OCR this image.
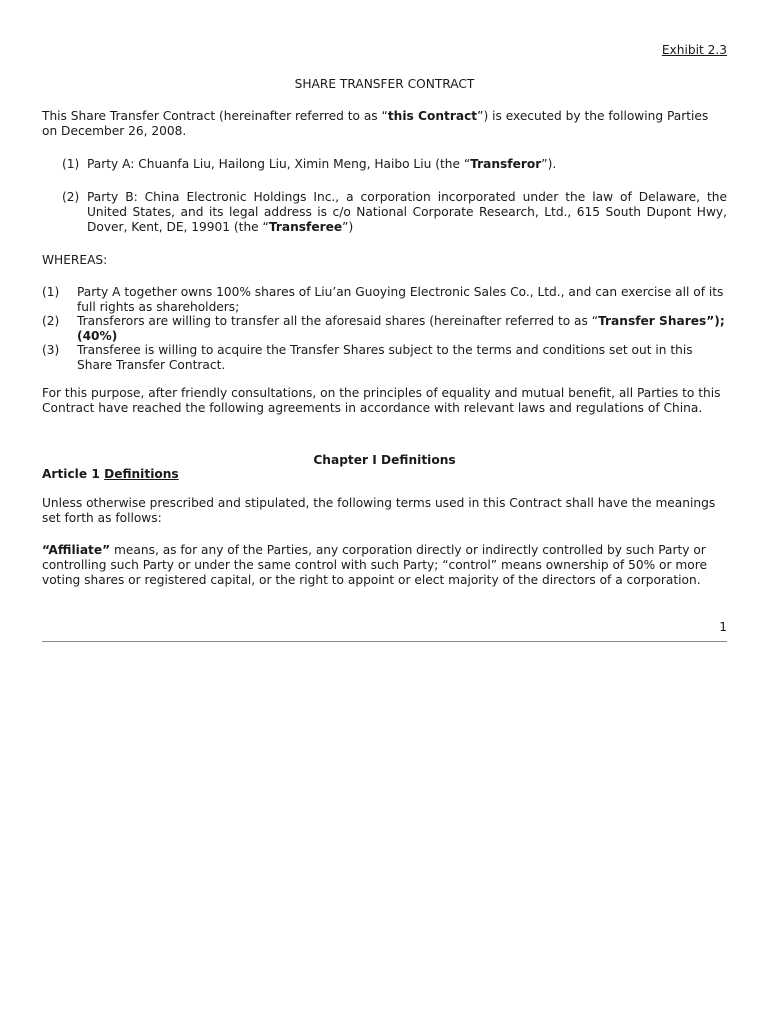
Exhibit 2.3
SHARE TRANSFER CONTRACT

This Share Transfer Contract (hereinafter referred to as “this Contract”) is executed by the following Parties on December 26, 2008.

(1) Party A: Chuanfa Liu, Hailong Liu, Ximin Meng, Haibo Liu (the “Transferor”).

(2) Party B: China Electronic Holdings Inc., a corporation incorporated under the law of Delaware, the United States, and its legal address is c/o National Corporate Research, Ltd., 615 South Dupont Hwy, Dover, Kent, DE, 19901 (the “Transferee”)

WHEREAS:

(1)	Party A together owns 100% shares of Liu’an Guoying Electronic Sales Co., Ltd., and can exercise all of its full rights as shareholders;

(2)	Transferors are willing to transfer all the aforesaid shares (hereinafter referred to as “Transfer Shares”); (40%)

(3)	Transferee is willing to acquire the Transfer Shares subject to the terms and conditions set out in this Share Transfer Contract.

For this purpose, after friendly consultations, on the principles of equality and mutual benefit, all Parties to this Contract have reached the following agreements in accordance with relevant laws and regulations of China.

Chapter I Definitions
Article 1 Definitions

Unless otherwise prescribed and stipulated, the following terms used in this Contract shall have the meanings set forth as follows:

“Affiliate” means, as for any of the Parties, any corporation directly or indirectly controlled by such Party or controlling such Party or under the same control with such Party; “control” means ownership of 50% or more voting shares or registered capital, or the right to appoint or elect majority of the directors of a corporation.

1
